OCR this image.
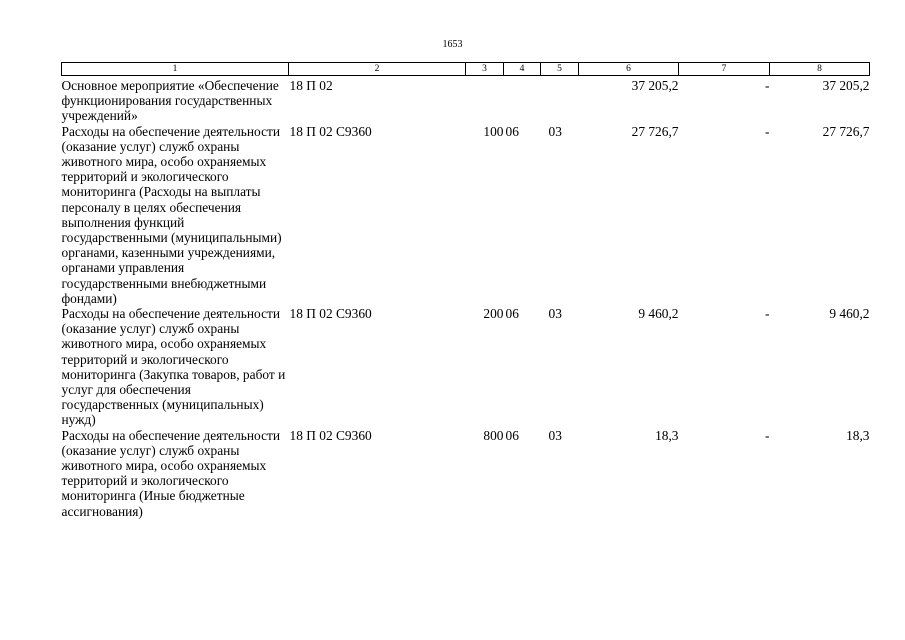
1653
1	2	3	4	5	6	7	8
Основное мероприятие «Обеспечение функционирования государственных учреждений»	18 П 02				37 205,2	-	37 205,2
Расходы на обеспечение деятельности (оказание услуг) служб охраны животного мира, особо охраняемых территорий и экологического мониторинга (Расходы на выплаты персоналу в целях обеспечения выполнения функций государственными (муниципальными) органами, казенными учреждениями, органами управления государственными внебюджетными фондами)	18 П 02 С9360	100	06	03	27 726,7	-	27 726,7
Расходы на обеспечение деятельности (оказание услуг) служб охраны животного мира, особо охраняемых территорий и экологического мониторинга (Закупка товаров, работ и услуг для обеспечения государственных (муниципальных) нужд)	18 П 02 С9360	200	06	03	9 460,2	-	9 460,2
Расходы на обеспечение деятельности (оказание услуг) служб охраны животного мира, особо охраняемых территорий и экологического мониторинга (Иные бюджетные ассигнования)	18 П 02 С9360	800	06	03	18,3	-	18,3
